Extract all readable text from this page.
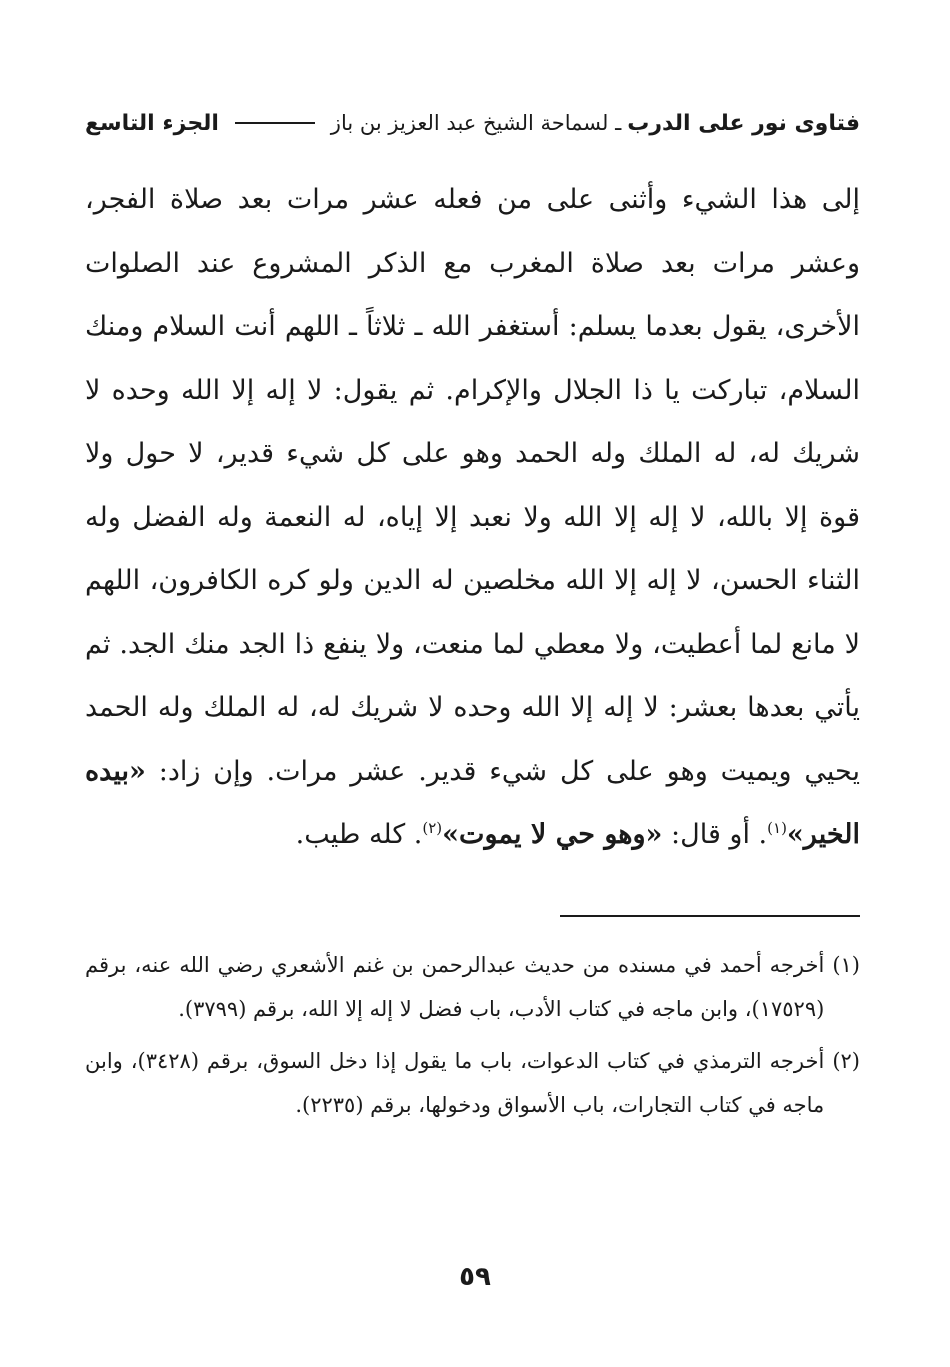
فتاوى نور على الدرب
ـ لسماحة الشيخ عبد العزيز بن باز
الجزء التاسع

إلى هذا الشيء وأثنى على من فعله عشر مرات بعد صلاة الفجر، وعشر مرات بعد صلاة المغرب مع الذكر المشروع عند الصلوات الأخرى، يقول بعدما يسلم: أستغفر الله ـ ثلاثاً ـ اللهم أنت السلام ومنك السلام، تباركت يا ذا الجلال والإكرام. ثم يقول: لا إله إلا الله وحده لا شريك له، له الملك وله الحمد وهو على كل شيء قدير، لا حول ولا قوة إلا بالله، لا إله إلا الله ولا نعبد إلا إياه، له النعمة وله الفضل وله الثناء الحسن، لا إله إلا الله مخلصين له الدين ولو كره الكافرون، اللهم لا مانع لما أعطيت، ولا معطي لما منعت، ولا ينفع ذا الجد منك الجد. ثم يأتي بعدها بعشر: لا إله إلا الله وحده لا شريك له، له الملك وله الحمد يحيي ويميت وهو على كل شيء قدير. عشر مرات. وإن زاد: «بيده الخير»$^{(١)}$. أو قال: «وهو حي لا يموت»$^{(٢)}$. كله طيب.

(١)
أخرجه أحمد في مسنده من حديث عبدالرحمن بن غنم الأشعري رضي الله عنه، برقم (١٧٥٢٩)، وابن ماجه في كتاب الأدب، باب فضل لا إله إلا الله، برقم (٣٧٩٩).
(٢)
أخرجه الترمذي في كتاب الدعوات، باب ما يقول إذا دخل السوق، برقم (٣٤٢٨)، وابن ماجه في كتاب التجارات، باب الأسواق ودخولها، برقم (٢٢٣٥).
٥٩
